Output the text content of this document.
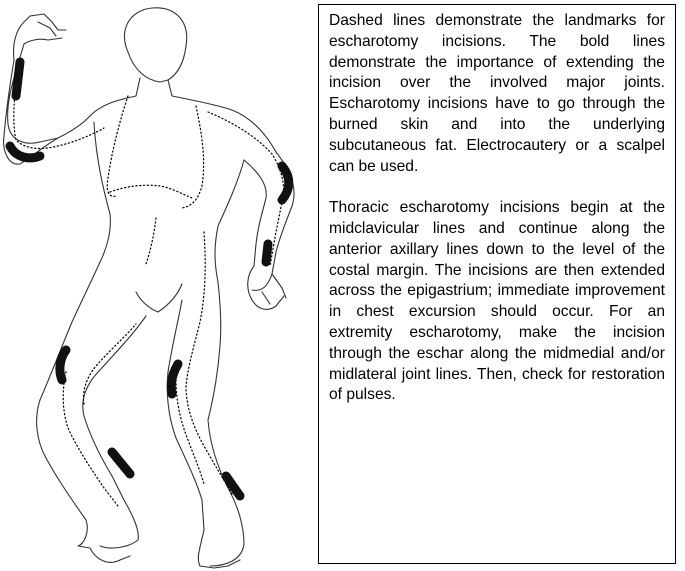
Dashed lines demonstrate the landmarks for escharotomy incisions. The bold lines demonstrate the importance of extending the incision over the involved major joints. Escharotomy incisions have to go through the burned skin and into the underlying subcutaneous fat. Electrocautery or a scalpel can be used.

Thoracic escharotomy incisions begin at the midclavicular lines and continue along the anterior axillary lines down to the level of the costal margin. The incisions are then extended across the epigastrium; immediate improvement in chest excursion should occur. For an extremity escharotomy, make the incision through the eschar along the midmedial and/or midlateral joint lines. Then, check for restoration of pulses.
